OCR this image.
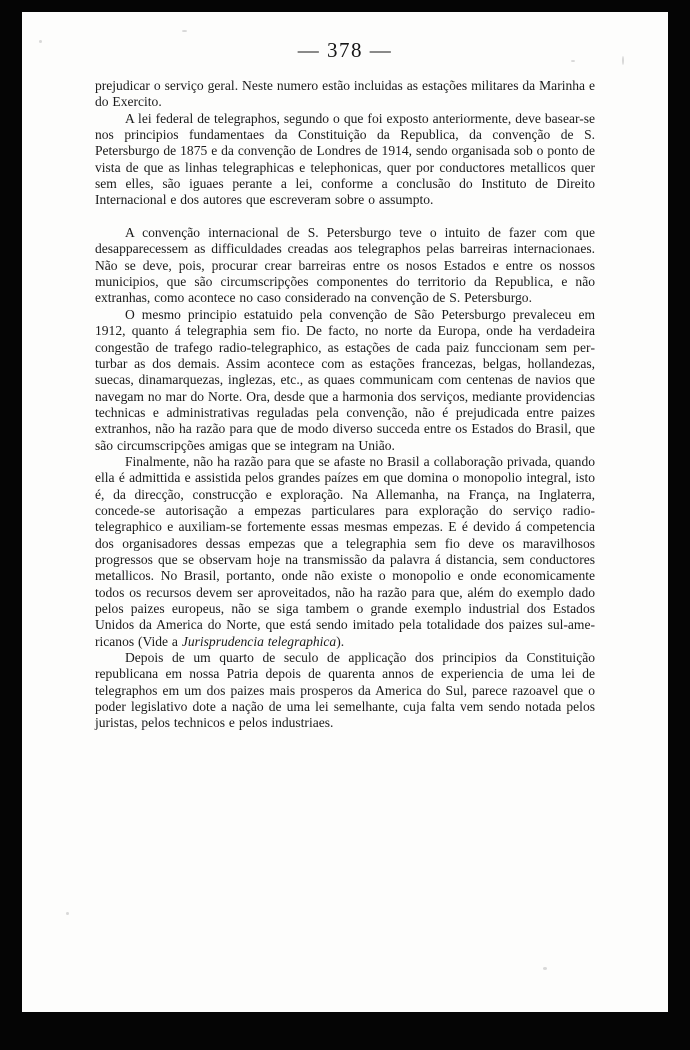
— 378 —

prejudicar o serviço geral. Neste numero estão incluidas as estações militares da Marinha e do Exercito.

A lei federal de telegraphos, segundo o que foi exposto anteriormente, deve basear-se nos principios fundamentaes da Constituição da Republica, da convenção de S. Petersburgo de 1875 e da convenção de Londres de 1914, sendo organisada sob o ponto de vista de que as linhas telegraphicas e telephonicas, quer por conductores metallicos quer sem elles, são iguaes perante a lei, conforme a conclusão do Instituto de Direito Internacional e dos autores que escreveram sobre o assumpto.

A convenção internacional de S. Petersburgo teve o intuito de fazer com que desapparecessem as difficuldades creadas aos telegraphos pelas barreiras internacionaes. Não se deve, pois, procurar crear barreiras entre os nosos Estados e entre os nossos municipios, que são circumscripções componentes do territorio da Republica, e não extranhas, como acontece no caso considerado na convenção de S. Petersburgo.

O mesmo principio estatuido pela convenção de São Petersburgo prevaleceu em 1912, quanto á telegraphia sem fio. De facto, no norte da Europa, onde ha verdadeira congestão de trafego radio-telegraphico, as estações de cada paiz funccionam sem perturbar as dos demais. Assim acontece com as estações francezas, belgas, hollandezas, suecas, dinamarquezas, inglezas, etc., as quaes communicam com centenas de navios que navegam no mar do Norte. Ora, desde que a harmonia dos serviços, mediante providencias technicas e administrativas reguladas pela convenção, não é prejudicada entre paizes extranhos, não ha razão para que de modo diverso succeda entre os Estados do Brasil, que são circumscripções amigas que se integram na União.

Finalmente, não ha razão para que se afaste no Brasil a collaboração privada, quando ella é admittida e assistida pelos grandes paízes em que domina o monopolio integral, isto é, da direcção, construcção e exploração. Na Allemanha, na França, na Inglaterra, concede-se autorisação a empezas particulares para exploração do serviço radio-telegraphico e auxiliam-se fortemente essas mesmas empezas. E é devido á competencia dos organisadores dessas empezas que a telegraphia sem fio deve os maravilhosos progressos que se observam hoje na transmissão da palavra á distancia, sem conductores metallicos. No Brasil, portanto, onde não existe o monopolio e onde economicamente todos os recursos devem ser aproveitados, não ha razão para que, além do exemplo dado pelos paizes europeus, não se siga tambem o grande exemplo industrial dos Estados Unidos da America do Norte, que está sendo imitado pela totalidade dos paizes sul-americanos (Vide a Jurisprudencia telegraphica).

Depois de um quarto de seculo de applicação dos principios da Constituição republicana em nossa Patria depois de quarenta annos de experiencia de uma lei de telegraphos em um dos paizes mais prosperos da America do Sul, parece razoavel que o poder legislativo dote a nação de uma lei semelhante, cuja falta vem sendo notada pelos juristas, pelos technicos e pelos industriaes.
